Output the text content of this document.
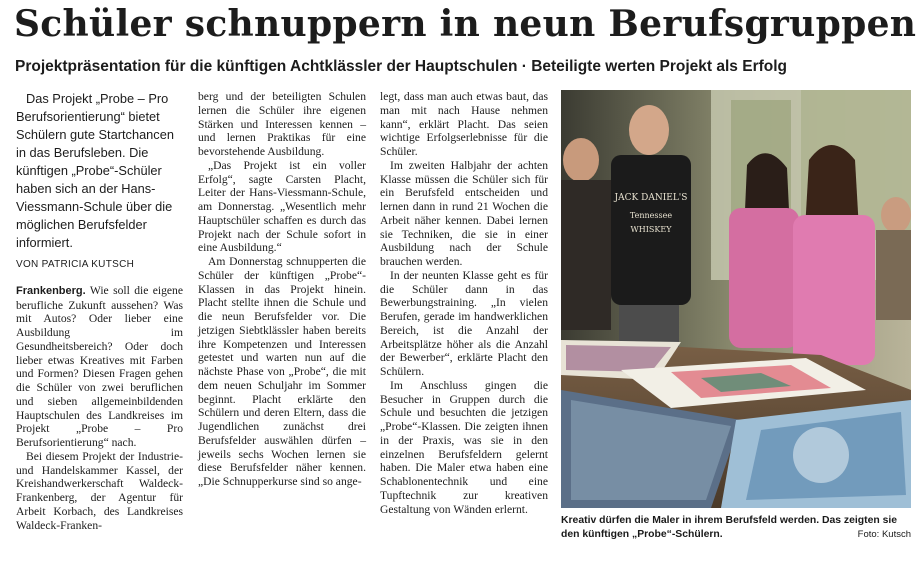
Schüler schnuppern in neun Berufsgruppen
Projektpräsentation für die künftigen Achtklässler der Hauptschulen · Beteiligte werten Projekt als Erfolg

Das Projekt „Probe – Pro Berufsorientierung“ bietet Schülern gute Startchancen in das Berufsleben. Die künftigen „Probe“-Schüler haben sich an der Hans-Viessmann-Schule über die möglichen Berufsfelder informiert.

VON PATRICIA KUTSCH

Frankenberg. Wie soll die eigene berufliche Zukunft aussehen? Was mit Autos? Oder lieber eine Ausbildung im Gesundheitsbereich? Oder doch lieber etwas Kreatives mit Farben und Formen? Diesen Fragen gehen die Schüler von zwei beruflichen und sieben allgemeinbildenden Hauptschulen des Landkreises im Projekt „Probe – Pro Berufsorientierung“ nach.

Bei diesem Projekt der Industrie- und Handelskammer Kassel, der Kreishandwerkerschaft Waldeck-Frankenberg, der Agentur für Arbeit Korbach, des Landkreises Waldeck-Franken-

berg und der beteiligten Schulen lernen die Schüler ihre eigenen Stärken und Interessen kennen – und lernen Praktikas für eine bevorstehende Ausbildung.

„Das Projekt ist ein voller Erfolg“, sagte Carsten Placht, Leiter der Hans-Viessmann-Schule, am Donnerstag. „Wesentlich mehr Hauptschüler schaffen es durch das Projekt nach der Schule sofort in eine Ausbildung.“

Am Donnerstag schnupperten die Schüler der künftigen „Probe“-Klassen in das Projekt hinein. Placht stellte ihnen die Schule und die neun Berufsfelder vor. Die jetzigen Siebtklässler haben bereits ihre Kompetenzen und Interessen getestet und warten nun auf die nächste Phase von „Probe“, die mit dem neuen Schuljahr im Sommer beginnt. Placht erklärte den Schülern und deren Eltern, dass die Jugendlichen zunächst drei Berufsfelder auswählen dürfen – jeweils sechs Wochen lernen sie diese Berufsfelder näher kennen. „Die Schnupperkurse sind so ange-

legt, dass man auch etwas baut, das man mit nach Hause nehmen kann“, erklärt Placht. Das seien wichtige Erfolgserlebnisse für die Schüler.

Im zweiten Halbjahr der achten Klasse müssen die Schüler sich für ein Berufsfeld entscheiden und lernen dann in rund 21 Wochen die Arbeit näher kennen. Dabei lernen sie Techniken, die sie in einer Ausbildung nach der Schule brauchen werden.

In der neunten Klasse geht es für die Schüler dann in das Bewerbungstraining. „In vielen Berufen, gerade im handwerklichen Bereich, ist die Anzahl der Arbeitsplätze höher als die Anzahl der Bewerber“, erklärte Placht den Schülern.

Im Anschluss gingen die Besucher in Gruppen durch die Schule und besuchten die jetzigen „Probe“-Klassen. Die zeigten ihnen in der Praxis, was sie in den einzelnen Berufsfeldern gelernt haben. Die Maler etwa haben eine Schablonentechnik und eine Tupftechnik zur kreativen Gestaltung von Wänden erlernt.

JACK DANIEL'S
Tennessee
WHISKEY
Kreativ dürfen die Maler in ihrem Berufsfeld werden. Das zeigten sie den künftigen „Probe“-Schülern.	Foto: Kutsch
